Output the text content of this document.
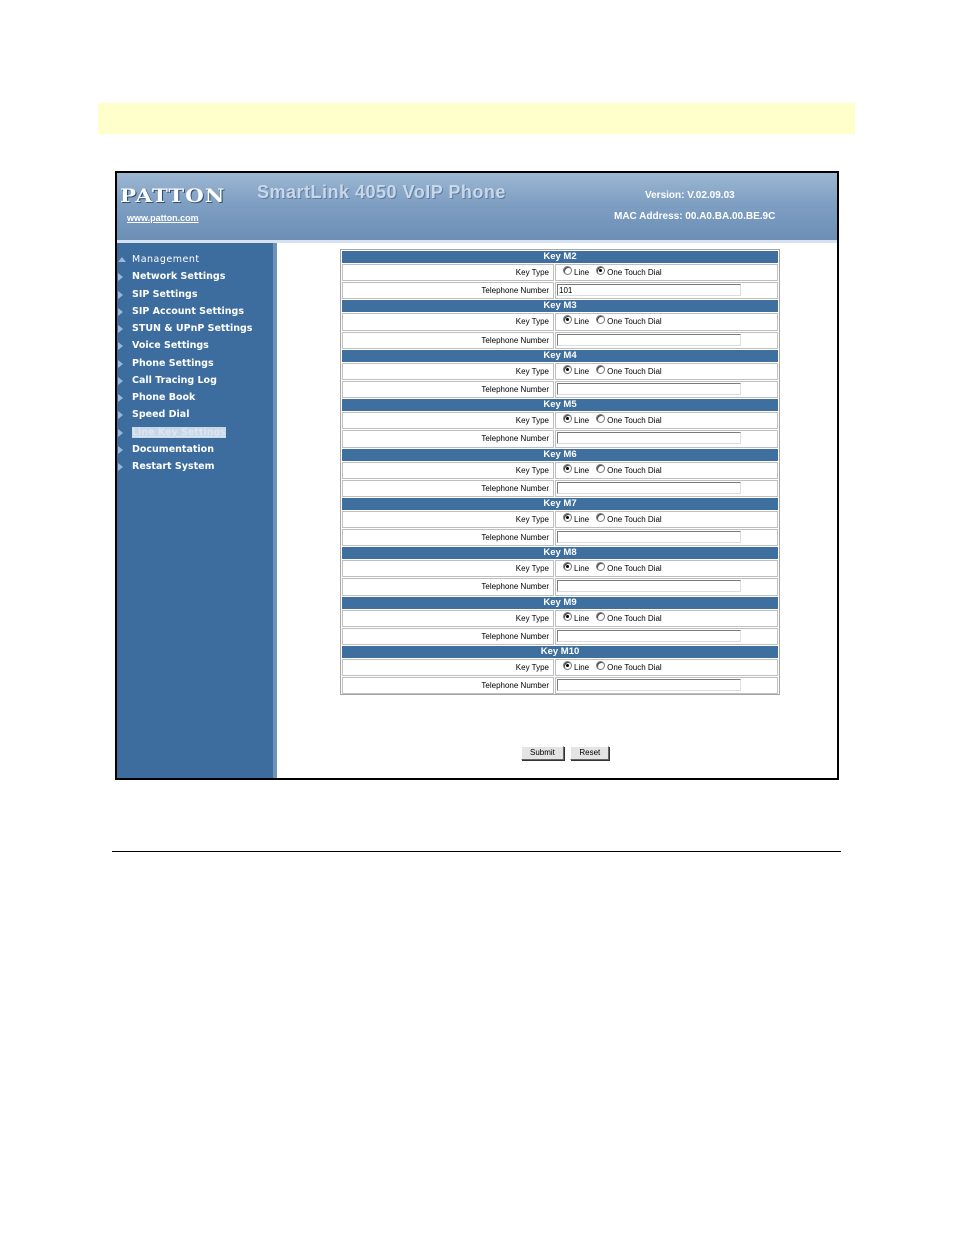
PATTON SmartLink 4050 VoIP Phone	Version: V.02.09.03
www.patton.com	MAC Address: 00.A0.BA.00.BE.9C
Management
Network Settings
SIP Settings
SIP Account Settings
STUN & UPnP Settings
Voice Settings
Phone Settings
Call Tracing Log
Phone Book
Speed Dial
Line Key Settings
Documentation
Restart System
Key M2
Key Type	Line One Touch Dial
Telephone Number	101
Key M3
Key Type	Line One Touch Dial
Telephone Number
Key M4
Key Type	Line One Touch Dial
Telephone Number
Key M5
Key Type	Line One Touch Dial
Telephone Number
Key M6
Key Type	Line One Touch Dial
Telephone Number
Key M7
Key Type	Line One Touch Dial
Telephone Number
Key M8
Key Type	Line One Touch Dial
Telephone Number
Key M9
Key Type	Line One Touch Dial
Telephone Number
Key M10
Key Type	Line One Touch Dial
Telephone Number
Submit	Reset
